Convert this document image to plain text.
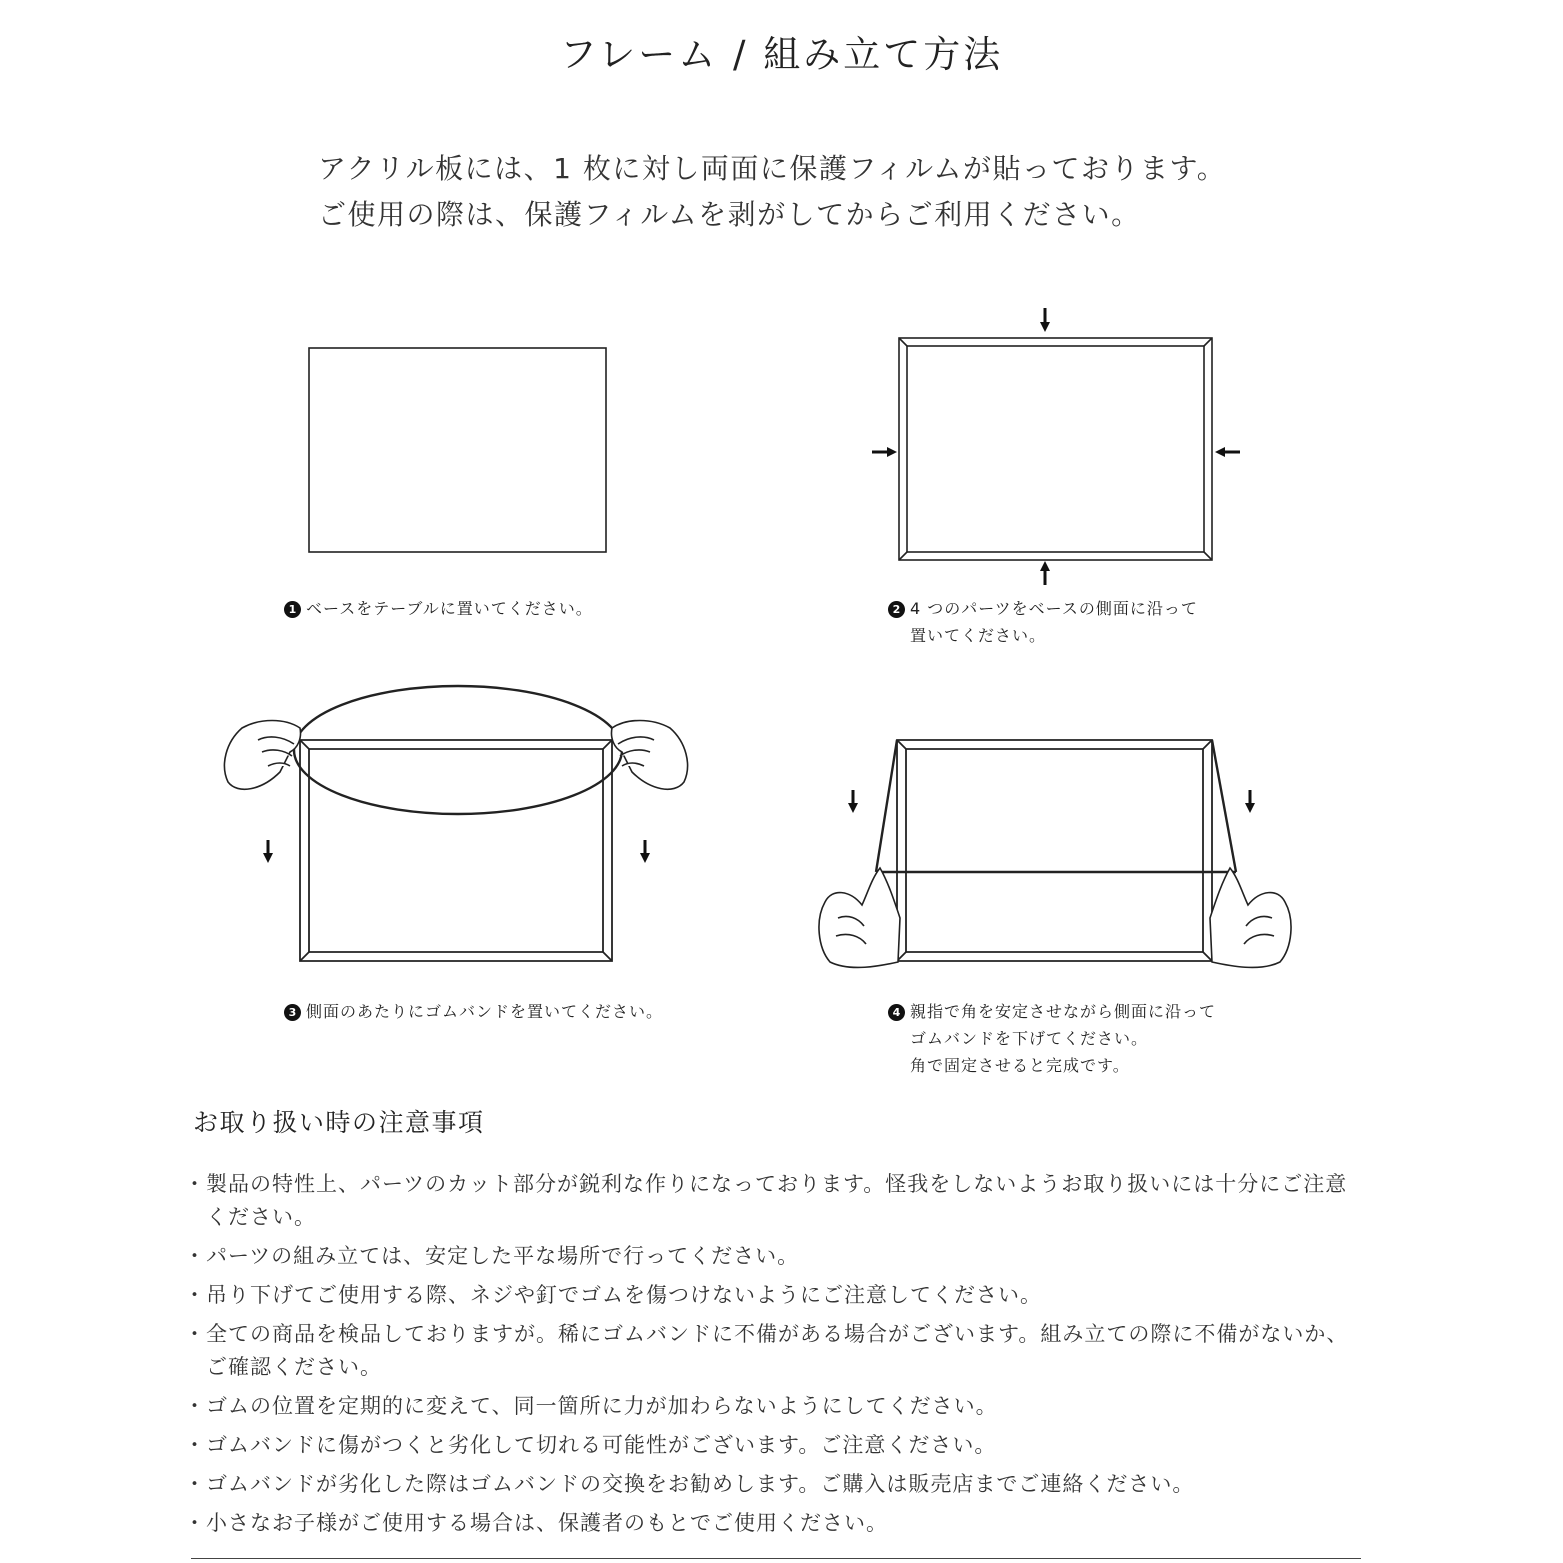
フレーム / 組み立て方法
アクリル板には、1 枚に対し両面に保護フィルムが貼っております。
ご使用の際は、保護フィルムを剥がしてからご利用ください。
1 ベースをテーブルに置いてください。	2 4 つのパーツをベースの側面に沿って
置いてください。
3 側面のあたりにゴムバンドを置いてください。	4 親指で角を安定させながら側面に沿って
ゴムバンドを下げてください。
角で固定させると完成です。
お取り扱い時の注意事項
・ 製品の特性上、パーツのカット部分が鋭利な作りになっております。怪我をしないようお取り扱いには十分にご注意
ください。
・ パーツの組み立ては、安定した平な場所で行ってください。
・ 吊り下げてご使用する際、ネジや釘でゴムを傷つけないようにご注意してください。
・ 全ての商品を検品しておりますが。稀にゴムバンドに不備がある場合がございます。組み立ての際に不備がないか、
ご確認ください。
・ ゴムの位置を定期的に変えて、同一箇所に力が加わらないようにしてください。
・ ゴムバンドに傷がつくと劣化して切れる可能性がございます。ご注意ください。
・ ゴムバンドが劣化した際はゴムバンドの交換をお勧めします。ご購入は販売店までご連絡ください。
・ 小さなお子様がご使用する場合は、保護者のもとでご使用ください。
